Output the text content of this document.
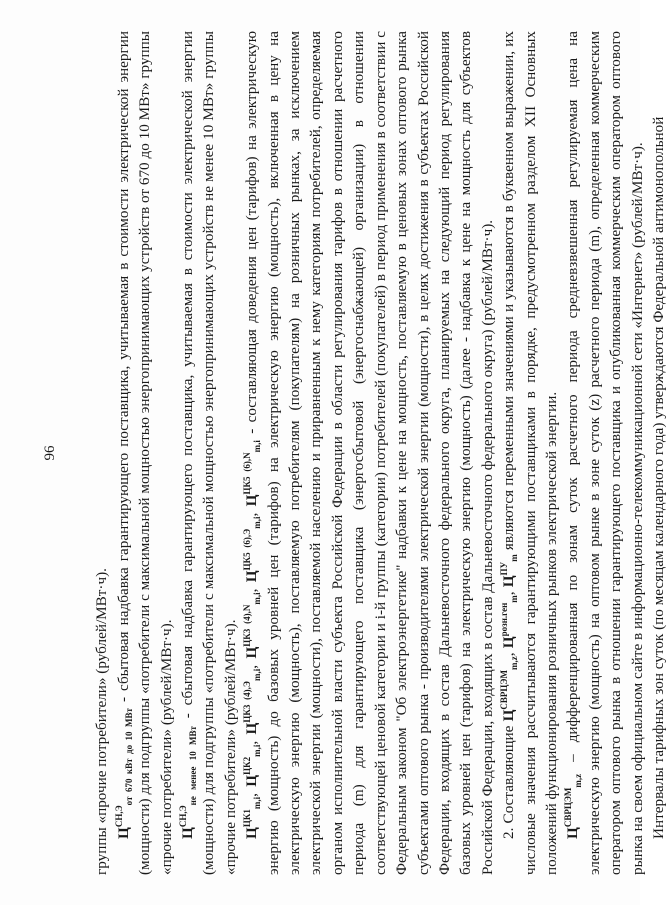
96

группы «прочие потребители» (рублей/МВт·ч). $Ц^{СН,Э}_{от 670 кВт до 10 МВт}$ - сбытовая надбавка гарантирующего поставщика, учитываемая в стоимости электрической энергии (мощности) для подгруппы «потребители с максимальной мощностью энергопринимающих устройств от 670 до 10 МВт» группы «прочие потребители» (рублей/МВт·ч). $Ц^{СН,Э}_{не менее 10 МВт}$ - сбытовая надбавка гарантирующего поставщика, учитываемая в стоимости электрической энергии (мощности) для подгруппы «потребители с максимальной мощностью энергопринимающих устройств не менее 10 МВт» группы «прочие потребители» (рублей/МВт·ч). $Ц^{ЦК1}_{m,i}$, $Ц^{ЦК2}_{m,i}$, $Ц^{ЦК3 (4),Э}_{m,i}$, $Ц^{ЦК3 (4),N}_{m,i}$, $Ц^{ЦК5 (6),Э}_{m,i}$, $Ц^{ЦК5 (6),N}_{m,i}$ - составляющая доведения цен (тарифов) на электрическую энергию (мощность) до базовых уровней цен (тарифов) на электрическую энергию (мощность), включенная в цену на электрическую энергию (мощность), поставляемую потребителям (покупателям) на розничных рынках, за исключением электрической энергии (мощности), поставляемой населению и приравненным к нему категориям потребителей, определяемая органом исполнительной власти субъекта Российской Федерации в области регулирования тарифов в отношении расчетного периода (m) для гарантирующего поставщика (энергосбытовой (энергоснабжающей) организации) в отношении соответствующей ценовой категории и i-й группы (категории) потребителей (покупателей) в период применения в соответствии с Федеральным законом "Об электроэнергетике" надбавки к цене на мощность, поставляемую в ценовых зонах оптового рынка субъектами оптового рынка - производителями электрической энергии (мощности), в целях достижения в субъектах Российской Федерации, входящих в состав Дальневосточного федерального округа, планируемых на следующий период регулирования базовых уровней цен (тарифов) на электрическую энергию (мощность) (далее - надбавка к цене на мощность для субъектов Российской Федерации, входящих в состав Дальневосточного федерального округа) (рублей/МВт·ч). 2. Составляющие $Ц^{СВРЦЭМ}_{m,z}$, $Ц^{розн.ген}_m$, $Ц^{ПУ}_m$ являются переменными значениями и указываются в буквенном выражении, их числовые значения рассчитываются гарантирующими поставщиками в порядке, предусмотренном разделом XII Основных положений функционирования розничных рынков электрической энергии. $Ц^{СВРЦЭМ}_{m,z}$ – дифференцированная по зонам суток расчетного периода средневзвешенная регулируемая цена на электрическую энергию (мощность) на оптовом рынке в зоне суток (z) расчетного периода (m), определенная коммерческим оператором оптового рынка в отношении гарантирующего поставщика и опубликованная коммерческим оператором оптового рынка на своем официальном сайте в информационно-телекоммуникационной сети «Интернет» (рублей/МВт·ч). Интервалы тарифных зон суток (по месяцам календарного года) утверждаются Федеральной антимонопольной
